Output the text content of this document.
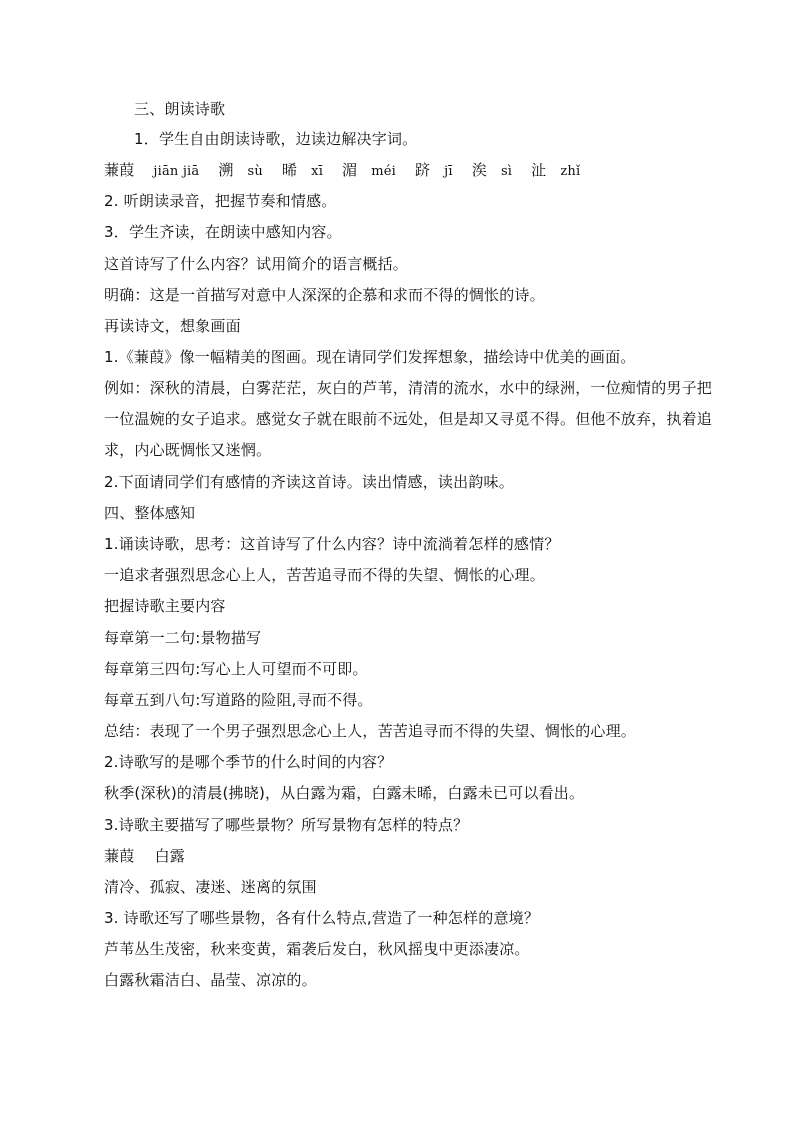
三、朗读诗歌
1．学生自由朗读诗歌，边读边解决字词。
蒹葭 jiān jiā 溯 sù 晞 xī 湄 méi 跻 jī 涘 sì 沚 zhǐ
2. 听朗读录音，把握节奏和情感。
3．学生齐读，在朗读中感知内容。
这首诗写了什么内容？试用简介的语言概括。
明确：这是一首描写对意中人深深的企慕和求而不得的惆怅的诗。
再读诗文，想象画面
1.《蒹葭》像一幅精美的图画。现在请同学们发挥想象，描绘诗中优美的画面。
例如：深秋的清晨，白雾茫茫，灰白的芦苇，清清的流水，水中的绿洲，一位痴情的男子把一位温婉的女子追求。感觉女子就在眼前不远处，但是却又寻觅不得。但他不放弃，执着追求，内心既惆怅又迷惘。
2.下面请同学们有感情的齐读这首诗。读出情感，读出韵味。
四、整体感知
1.诵读诗歌，思考：这首诗写了什么内容？诗中流淌着怎样的感情？
一追求者强烈思念心上人，苦苦追寻而不得的失望、惆怅的心理。
把握诗歌主要内容
每章第一二句:景物描写
每章第三四句:写心上人可望而不可即。
每章五到八句:写道路的险阻,寻而不得。
总结：表现了一个男子强烈思念心上人，苦苦追寻而不得的失望、惆怅的心理。
2.诗歌写的是哪个季节的什么时间的内容？
秋季(深秋)的清晨(拂晓)，从白露为霜，白露未晞，白露未已可以看出。
3.诗歌主要描写了哪些景物？所写景物有怎样的特点？
蒹葭　 白露
清冷、孤寂、凄迷、迷离的氛围
3. 诗歌还写了哪些景物，各有什么特点,营造了一种怎样的意境？
芦苇丛生茂密，秋来变黄，霜袭后发白，秋风摇曳中更添凄凉。
白露秋霜洁白、晶莹、凉凉的。
